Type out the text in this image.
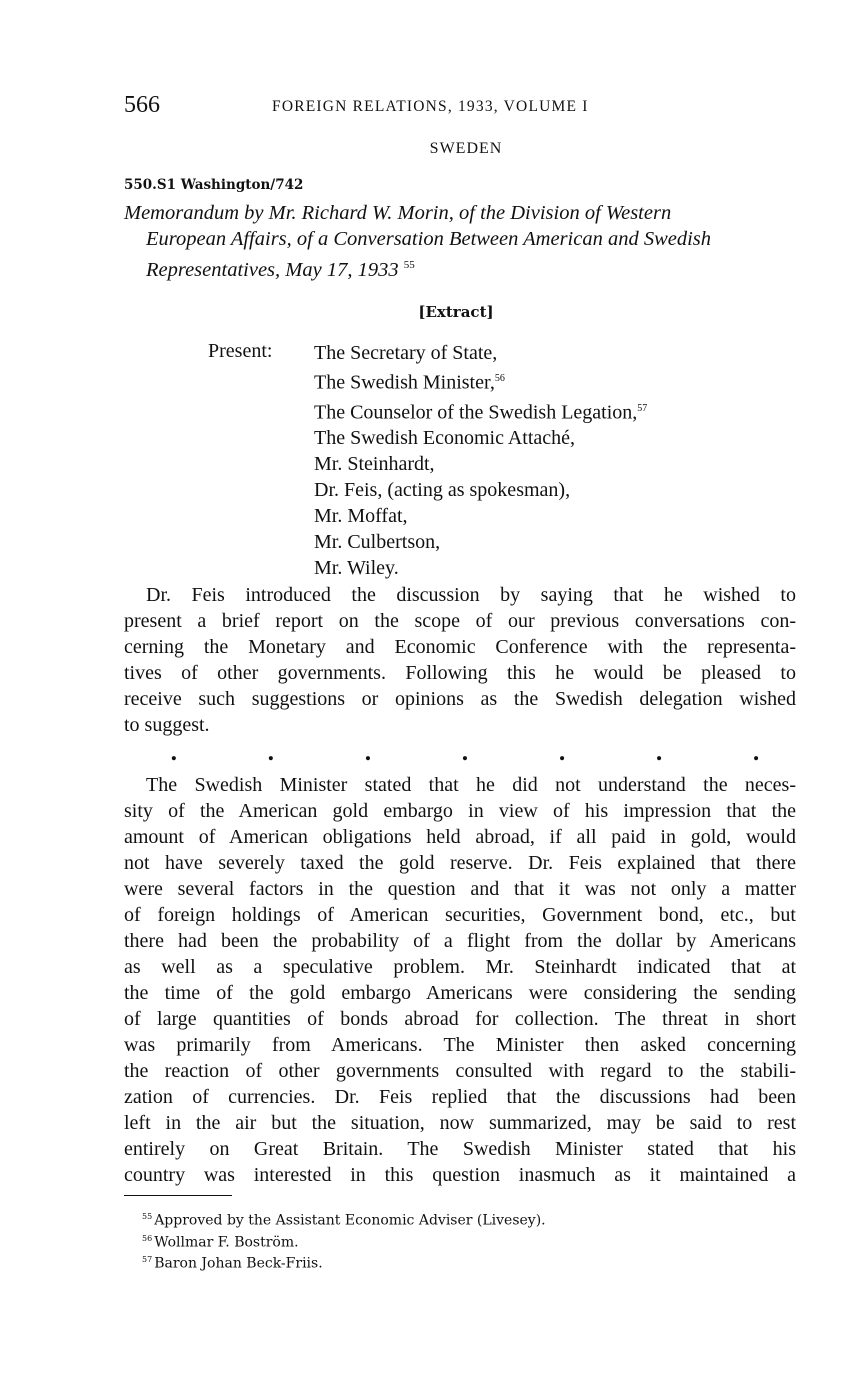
566	FOREIGN RELATIONS, 1933, VOLUME I
SWEDEN
550.S1 Washington/742
Memorandum by Mr. Richard W. Morin, of the Division of Western
European Affairs, of a Conversation Between American and Swedish
Representatives, May 17, 1933 $^{55}$
[Extract]
Present: The Secretary of State,
The Swedish Minister,$^{56}$
The Counselor of the Swedish Legation,$^{57}$
The Swedish Economic Attaché,
Mr. Steinhardt,
Dr. Feis, (acting as spokesman),
Mr. Moffat,
Mr. Culbertson,
Mr. Wiley.
Dr. Feis introduced the discussion by saying that he wished to
present a brief report on the scope of our previous conversations con-
cerning the Monetary and Economic Conference with the representa-
tives of other governments. Following this he would be pleased to
receive such suggestions or opinions as the Swedish delegation wished
to suggest.
.	.	.	.	.	.	.
The Swedish Minister stated that he did not understand the neces-
sity of the American gold embargo in view of his impression that the
amount of American obligations held abroad, if all paid in gold, would
not have severely taxed the gold reserve. Dr. Feis explained that there
were several factors in the question and that it was not only a matter
of foreign holdings of American securities, Government bond, etc., but
there had been the probability of a flight from the dollar by Americans
as well as a speculative problem. Mr. Steinhardt indicated that at
the time of the gold embargo Americans were considering the sending
of large quantities of bonds abroad for collection. The threat in short
was primarily from Americans. The Minister then asked concerning
the reaction of other governments consulted with regard to the stabili-
zation of currencies. Dr. Feis replied that the discussions had been
left in the air but the situation, now summarized, may be said to rest
entirely on Great Britain. The Swedish Minister stated that his
country was interested in this question inasmuch as it maintained a
$^{55}$ Approved by the Assistant Economic Adviser (Livesey).
$^{56}$ Wollmar F. Boström.
$^{57}$ Baron Johan Beck-Friis.
